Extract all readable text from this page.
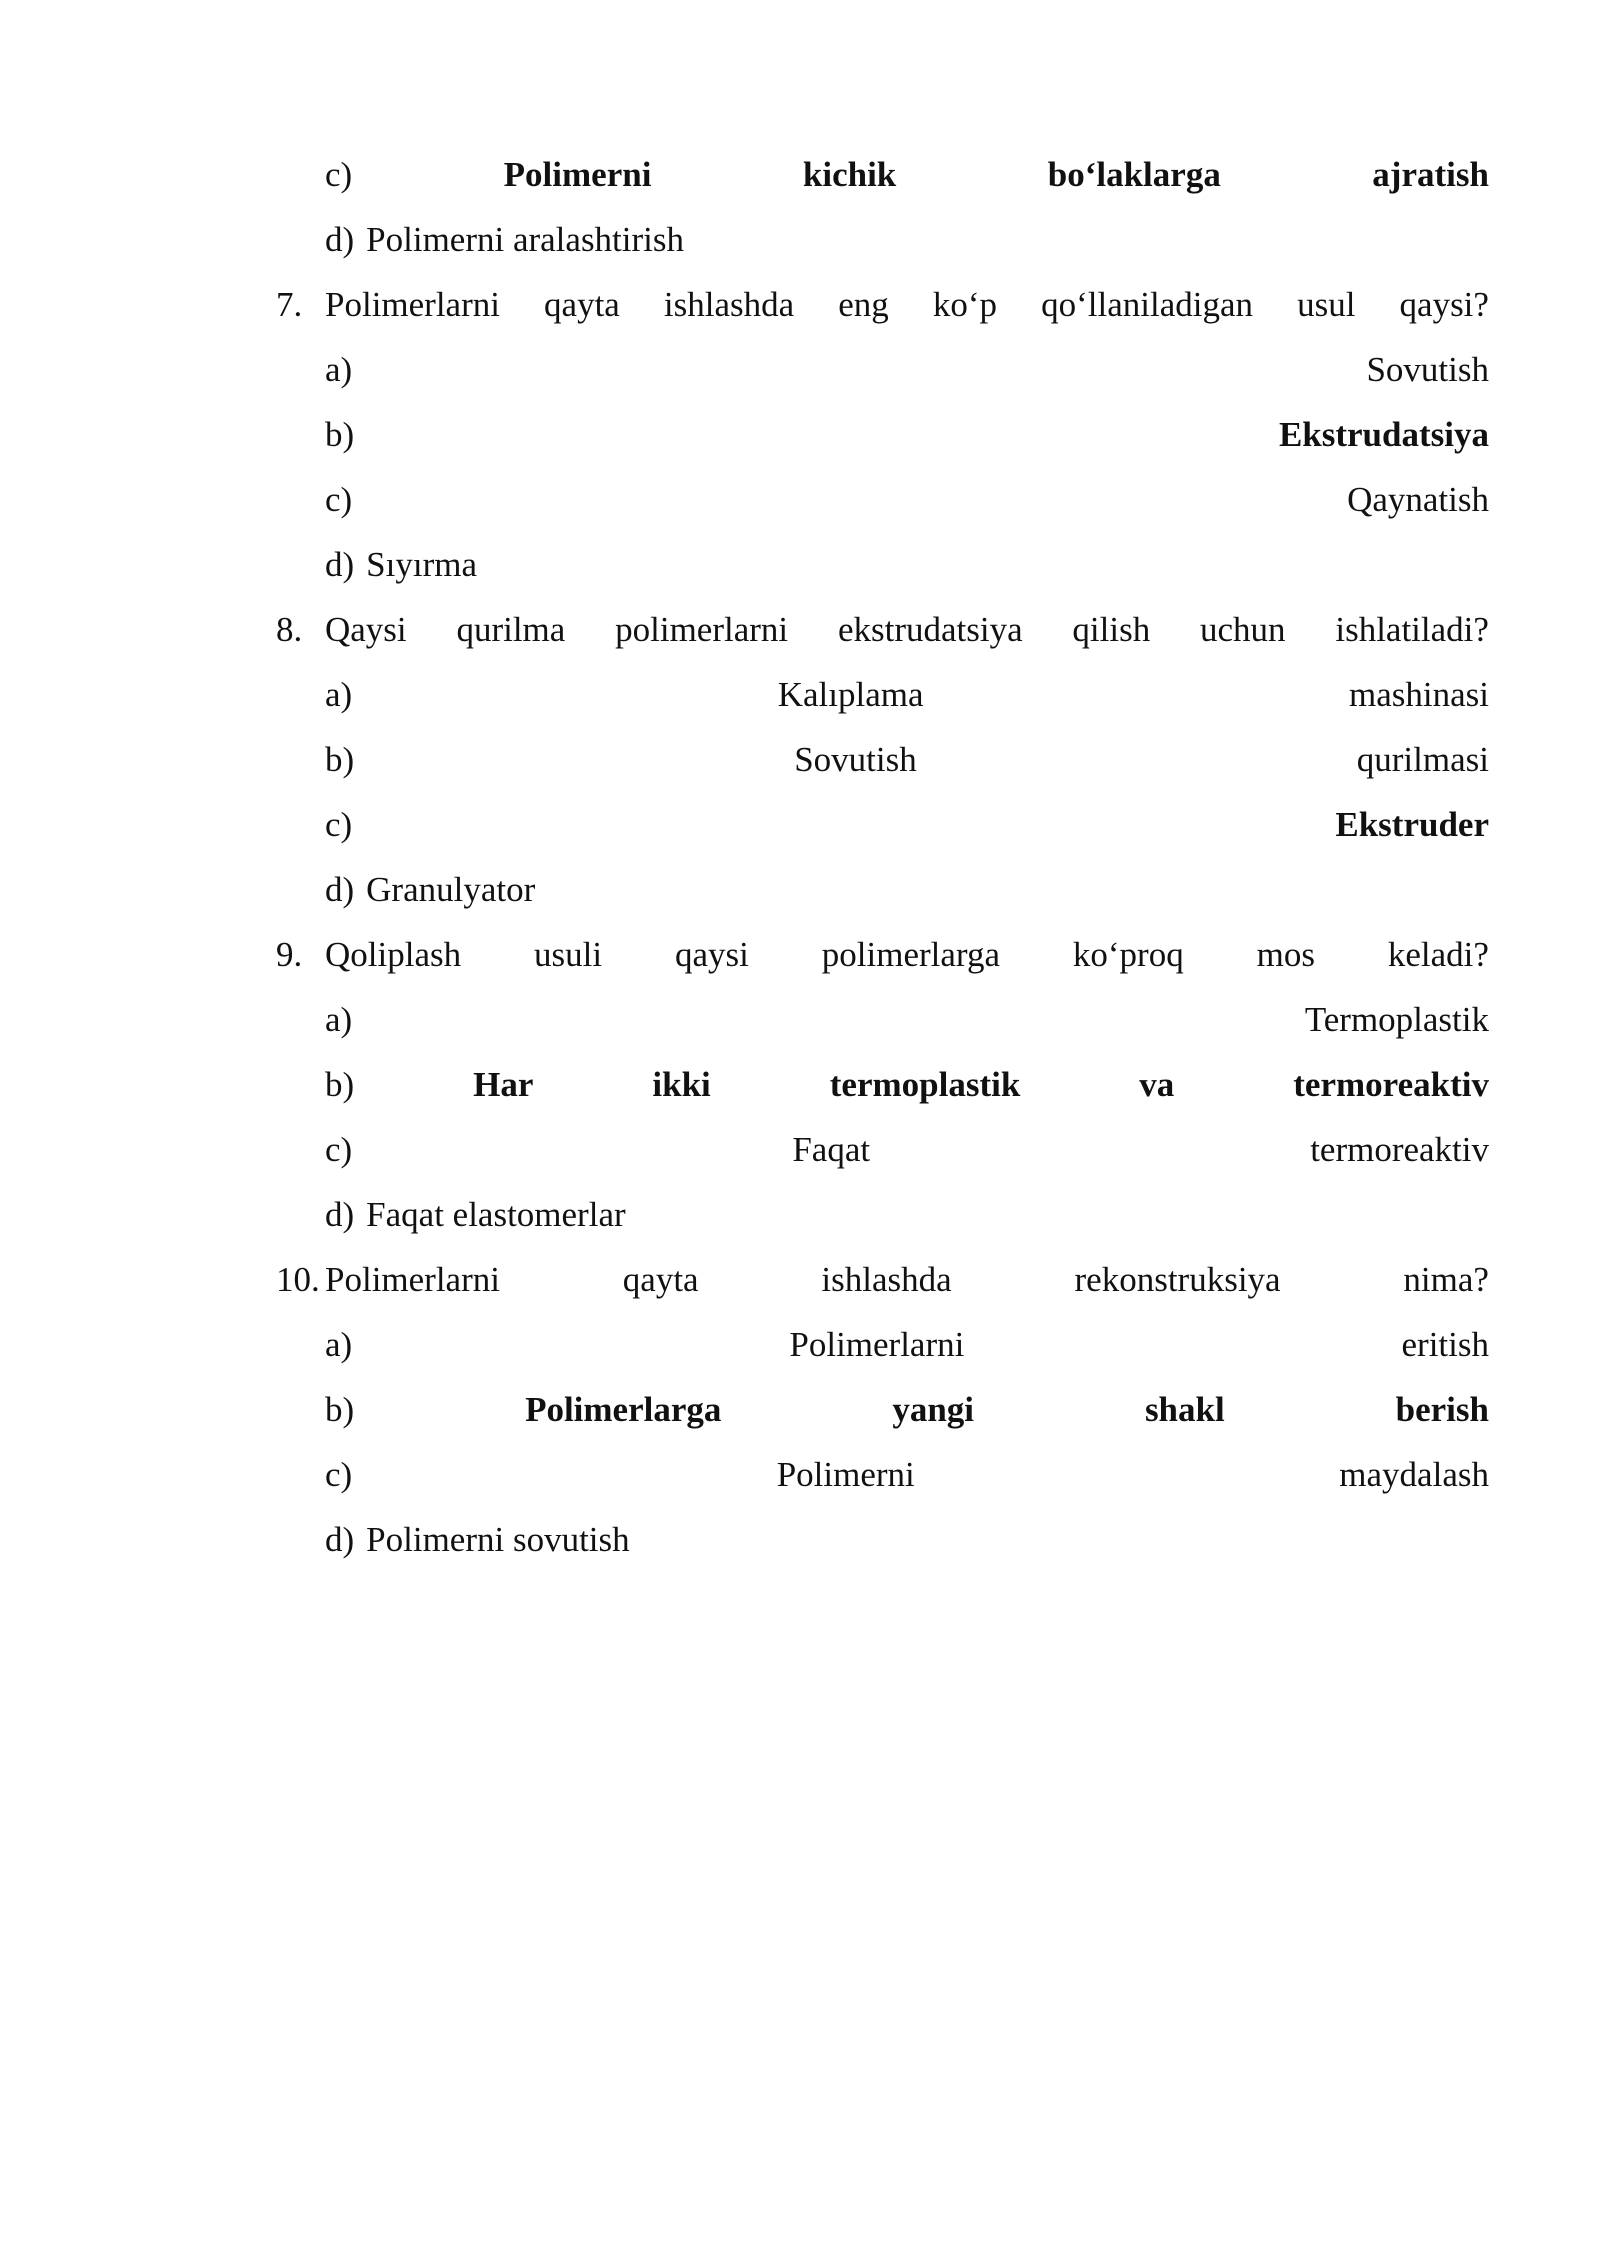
c)	Polimerni	kichik	bo‘laklarga	ajratish
d) Polimerni aralashtirish
7. Polimerlarni qayta ishlashda eng ko‘p qo‘llaniladigan usul qaysi?
a)	Sovutish
b)	Ekstrudatsiya
c)	Qaynatish
d) Sıyırma
8. Qaysi qurilma polimerlarni ekstrudatsiya qilish uchun ishlatiladi?
a)	Kalıplama	mashinasi
b)	Sovutish	qurilmasi
c)	Ekstruder
d) Granulyator
9. Qoliplash usuli qaysi polimerlarga ko‘proq mos keladi?
a)	Termoplastik
b)	Har	ikki	termoplastik	va	termoreaktiv
c)	Faqat	termoreaktiv
d) Faqat elastomerlar
10. Polimerlarni	qayta	ishlashda	rekonstruksiya	nima?
a)	Polimerlarni	eritish
b)	Polimerlarga	yangi	shakl	berish
c)	Polimerni	maydalash
d) Polimerni sovutish
